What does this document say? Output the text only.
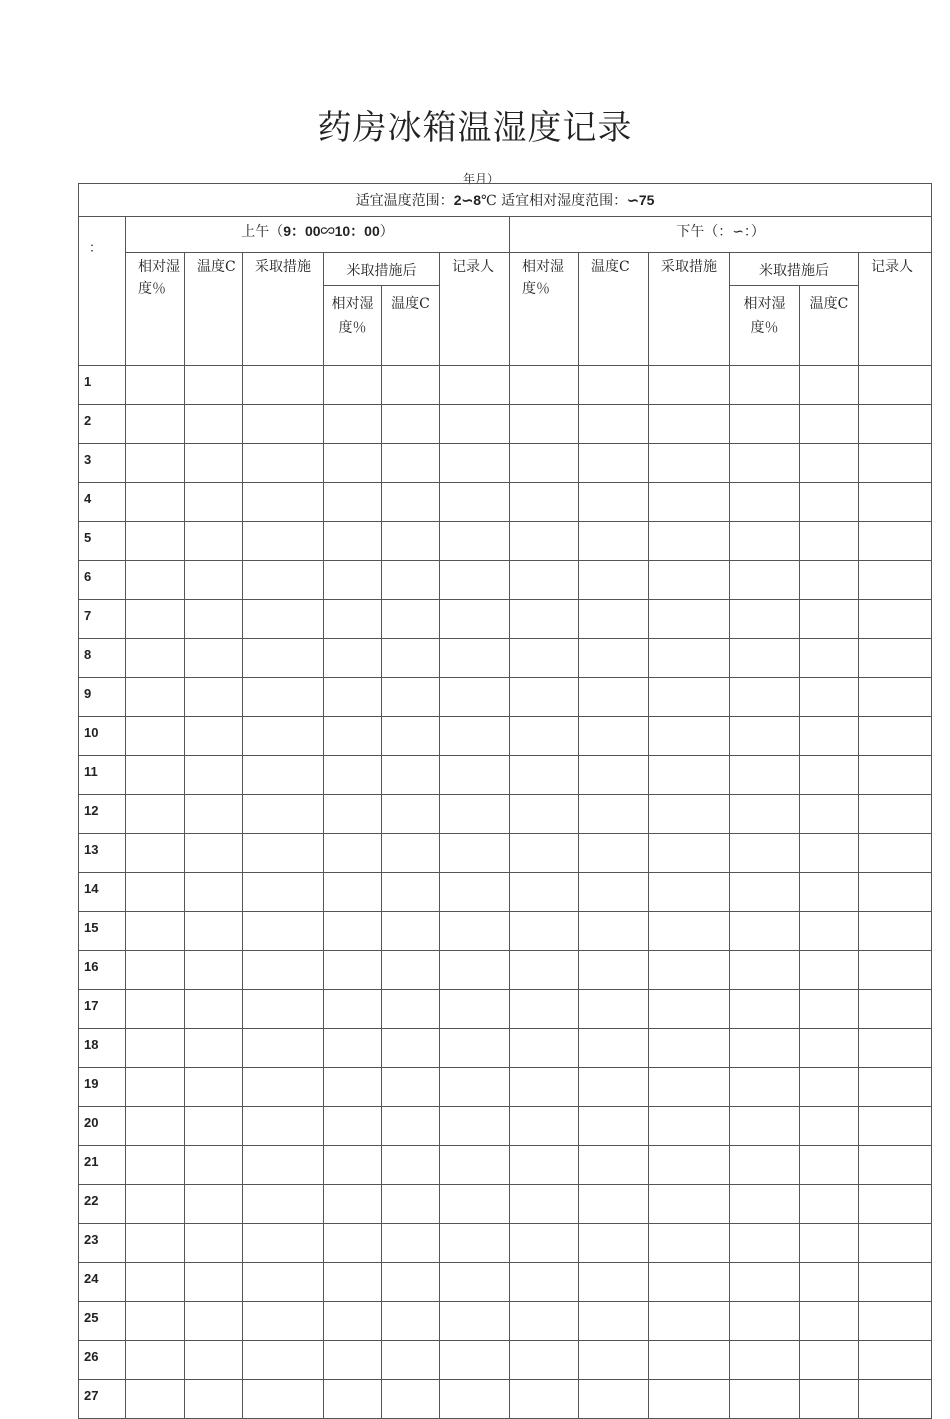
药房冰箱温湿度记录
年月）
适宜温度范围：2∽8℃ 适宜相对湿度范围：∽75												
：	上午（9：00∽10：00）						下午（：∽：）					
	相对湿度％	温度C	采取措施	米取措施后		记录人	相对湿度％	温度C	采取措施	米取措施后		记录人
				相对湿度％	温度C					相对湿度％	温度C	
1												
2												
3												
4												
5												
6												
7												
8												
9												
10												
11												
12												
13												
14												
15												
16												
17												
18												
19												
20												
21												
22												
23												
24												
25												
26												
27												
